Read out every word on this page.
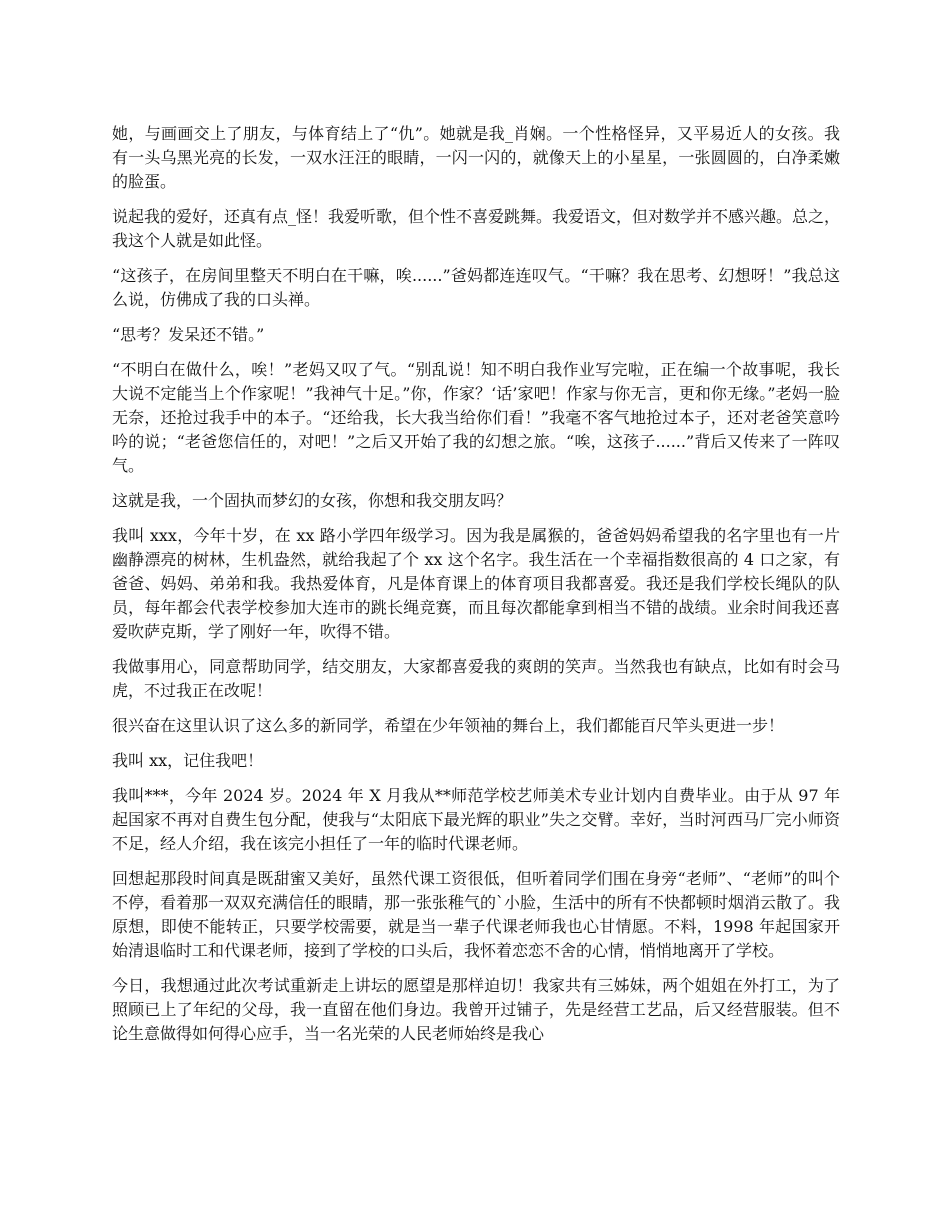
她，与画画交上了朋友，与体育结上了“仇”。她就是我_肖娴。一个性格怪异，又平易近人的女孩。我有一头乌黑光亮的长发，一双水汪汪的眼睛，一闪一闪的，就像天上的小星星，一张圆圆的，白净柔嫩的脸蛋。

说起我的爱好，还真有点_怪！我爱听歌，但个性不喜爱跳舞。我爱语文，但对数学并不感兴趣。总之，我这个人就是如此怪。

“这孩子，在房间里整天不明白在干嘛，唉......”爸妈都连连叹气。“干嘛？我在思考、幻想呀！”我总这么说，仿佛成了我的口头禅。

“思考？发呆还不错。”

“不明白在做什么，唉！”老妈又叹了气。“别乱说！知不明白我作业写完啦，正在编一个故事呢，我长大说不定能当上个作家呢！”我神气十足。”你，作家？‘话’家吧！作家与你无言，更和你无缘。”老妈一脸无奈，还抢过我手中的本子。“还给我，长大我当给你们看！”我毫不客气地抢过本子，还对老爸笑意吟吟的说；“老爸您信任的，对吧！”之后又开始了我的幻想之旅。“唉，这孩子......”背后又传来了一阵叹气。

这就是我，一个固执而梦幻的女孩，你想和我交朋友吗？

我叫 xxx，今年十岁，在 xx 路小学四年级学习。因为我是属猴的，爸爸妈妈希望我的名字里也有一片幽静漂亮的树林，生机盎然，就给我起了个 xx 这个名字。我生活在一个幸福指数很高的 4 口之家，有爸爸、妈妈、弟弟和我。我热爱体育，凡是体育课上的体育项目我都喜爱。我还是我们学校长绳队的队员，每年都会代表学校参加大连市的跳长绳竞赛，而且每次都能拿到相当不错的战绩。业余时间我还喜爱吹萨克斯，学了刚好一年，吹得不错。

我做事用心，同意帮助同学，结交朋友，大家都喜爱我的爽朗的笑声。当然我也有缺点，比如有时会马虎，不过我正在改呢！

很兴奋在这里认识了这么多的新同学，希望在少年领袖的舞台上，我们都能百尺竿头更进一步！

我叫 xx，记住我吧！

我叫***，今年 2024 岁。2024 年 X 月我从**师范学校艺师美术专业计划内自费毕业。由于从 97 年起国家不再对自费生包分配，使我与“太阳底下最光辉的职业”失之交臂。幸好，当时河西马厂完小师资不足，经人介绍，我在该完小担任了一年的临时代课老师。

回想起那段时间真是既甜蜜又美好，虽然代课工资很低，但听着同学们围在身旁“老师”、“老师”的叫个不停，看着那一双双充满信任的眼睛，那一张张稚气的`小脸，生活中的所有不快都顿时烟消云散了。我原想，即使不能转正，只要学校需要，就是当一辈子代课老师我也心甘情愿。不料，1998 年起国家开始清退临时工和代课老师，接到了学校的口头后，我怀着恋恋不舍的心情，悄悄地离开了学校。

今日，我想通过此次考试重新走上讲坛的愿望是那样迫切！我家共有三姊妹，两个姐姐在外打工，为了照顾已上了年纪的父母，我一直留在他们身边。我曾开过铺子，先是经营工艺品，后又经营服装。但不论生意做得如何得心应手，当一名光荣的人民老师始终是我心
